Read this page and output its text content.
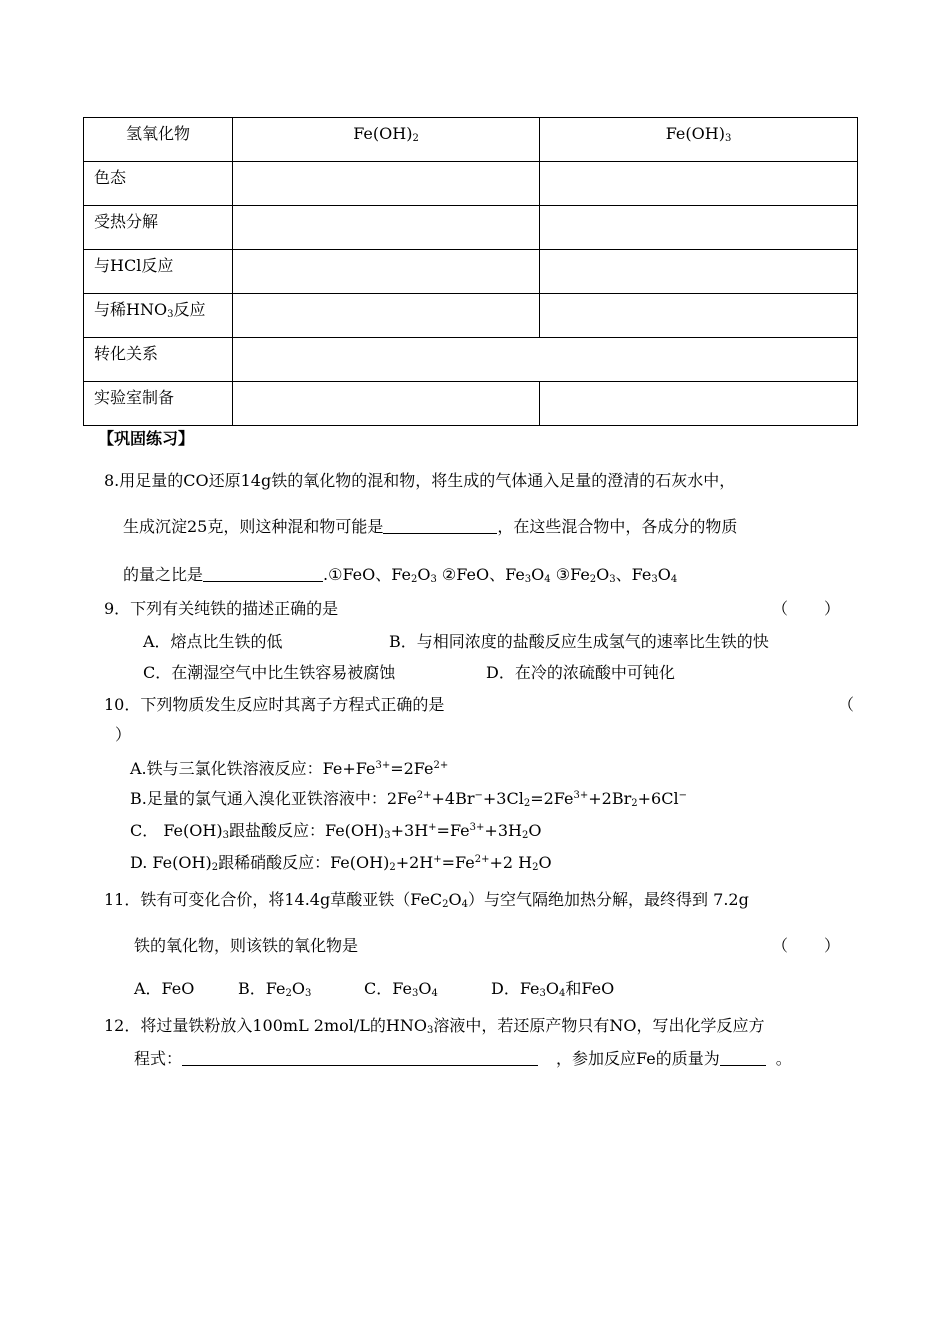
氢氧化物	$Fe(OH)_2$	$Fe(OH)_3$

色态		

受热分解		

与HCl反应		

与稀$HNO_3$反应		

转化关系		

实验室制备		

【巩固练习】
8.用足量的CO还原14g铁的氧化物的混和物，将生成的气体通入足量的澄清的石灰水中，
生成沉淀25克，则这种混和物可能是	，在这些混合物中，各成分的物质
的量之比是	.①FeO、$Fe_2O_3$ ②FeO、$Fe_3O_4$ $③Fe_2O_3$、$Fe_3O_4$
9．下列有关纯铁的描述正确的是	（ ）
A．熔点比生铁的低	B．与相同浓度的盐酸反应生成氢气的速率比生铁的快
C．在潮湿空气中比生铁容易被腐蚀	D．在冷的浓硫酸中可钝化
10．下列物质发生反应时其离子方程式正确的是	（
）
A.铁与三氯化铁溶液反应：$Fe+Fe^{3+}=2Fe^{2+}$
B.足量的氯气通入溴化亚铁溶液中：$2Fe^{2+}+4Br^-+3Cl_2=2Fe^{3+}+2Br_2+6Cl^-$
C． $Fe(OH)_3$跟盐酸反应：$Fe(OH)_3+3H^+=Fe^{3+}+3H_2O$
D. $Fe(OH)_2$跟稀硝酸反应：$Fe(OH)_2+2H^+=Fe^{2+}+2$ $H_2O$
11．铁有可变化合价，将14.4g草酸亚铁$(FeC_2O_4)$与空气隔绝加热分解，最终得到 7.2g
铁的氧化物，则该铁的氧化物是	（ ）
A．FeO	B．$Fe_2O_3$	C．$Fe_3O_4$	D．$Fe_3O_4$和FeO
12．将过量铁粉放入100mL 2mol/L的$HNO_3$溶液中，若还原产物只有NO，写出化学反应方
程式：	，参加反应Fe的质量为	。
